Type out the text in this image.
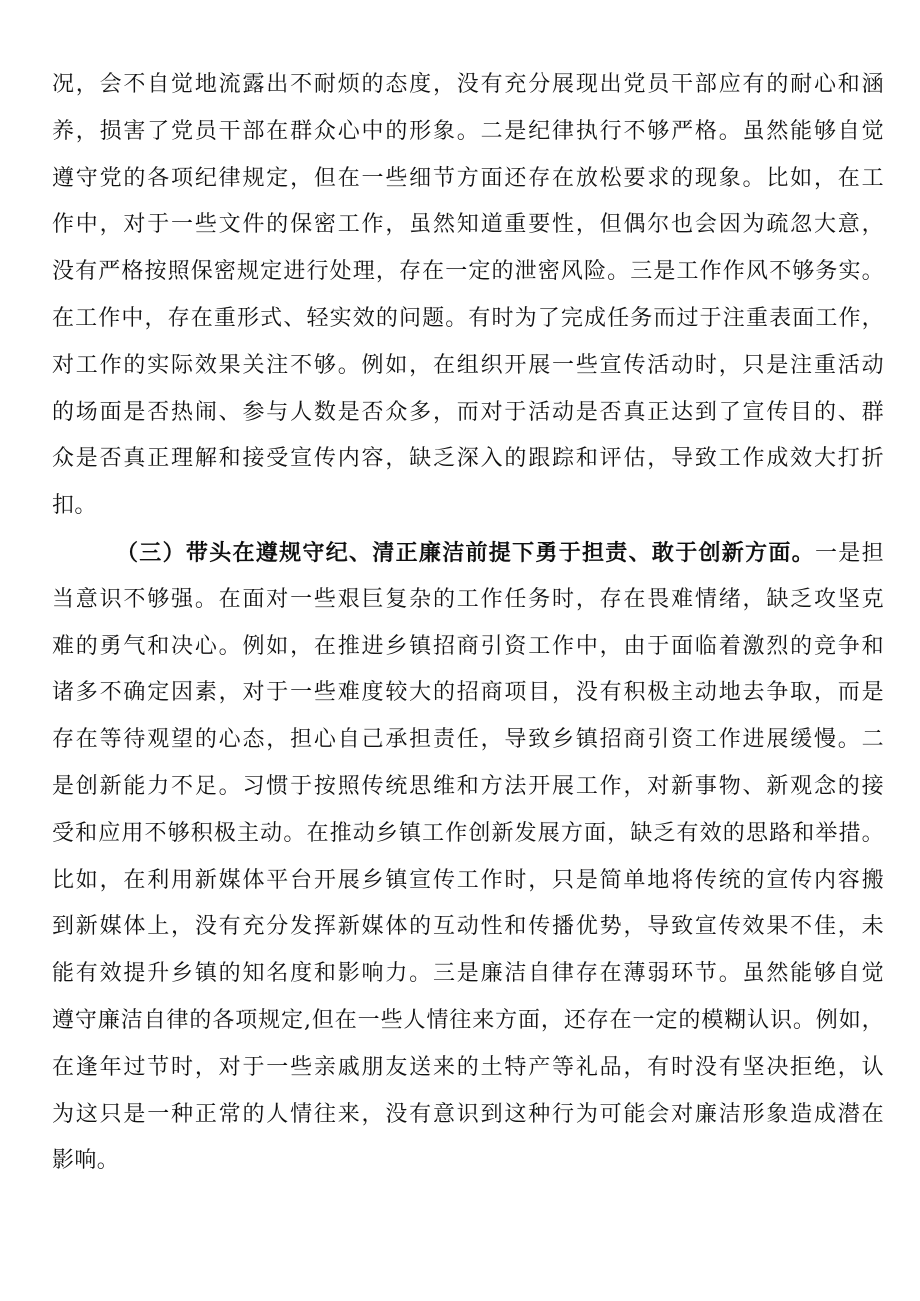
况，会不自觉地流露出不耐烦的态度，没有充分展现出党员干部应有的耐心和涵
养，损害了党员干部在群众心中的形象。二是纪律执行不够严格。虽然能够自觉
遵守党的各项纪律规定，但在一些细节方面还存在放松要求的现象。比如，在工
作中，对于一些文件的保密工作，虽然知道重要性，但偶尔也会因为疏忽大意，
没有严格按照保密规定进行处理，存在一定的泄密风险。三是工作作风不够务实。
在工作中，存在重形式、轻实效的问题。有时为了完成任务而过于注重表面工作，
对工作的实际效果关注不够。例如，在组织开展一些宣传活动时，只是注重活动
的场面是否热闹、参与人数是否众多，而对于活动是否真正达到了宣传目的、群
众是否真正理解和接受宣传内容，缺乏深入的跟踪和评估，导致工作成效大打折
扣。
（三）带头在遵规守纪、清正廉洁前提下勇于担责、敢于创新方面。一是担
当意识不够强。在面对一些艰巨复杂的工作任务时，存在畏难情绪，缺乏攻坚克
难的勇气和决心。例如，在推进乡镇招商引资工作中，由于面临着激烈的竞争和
诸多不确定因素，对于一些难度较大的招商项目，没有积极主动地去争取，而是
存在等待观望的心态，担心自己承担责任，导致乡镇招商引资工作进展缓慢。二
是创新能力不足。习惯于按照传统思维和方法开展工作，对新事物、新观念的接
受和应用不够积极主动。在推动乡镇工作创新发展方面，缺乏有效的思路和举措。
比如，在利用新媒体平台开展乡镇宣传工作时，只是简单地将传统的宣传内容搬
到新媒体上，没有充分发挥新媒体的互动性和传播优势，导致宣传效果不佳，未
能有效提升乡镇的知名度和影响力。三是廉洁自律存在薄弱环节。虽然能够自觉
遵守廉洁自律的各项规定,但在一些人情往来方面，还存在一定的模糊认识。例如，
在逢年过节时，对于一些亲戚朋友送来的土特产等礼品，有时没有坚决拒绝，认
为这只是一种正常的人情往来，没有意识到这种行为可能会对廉洁形象造成潜在
影响。
